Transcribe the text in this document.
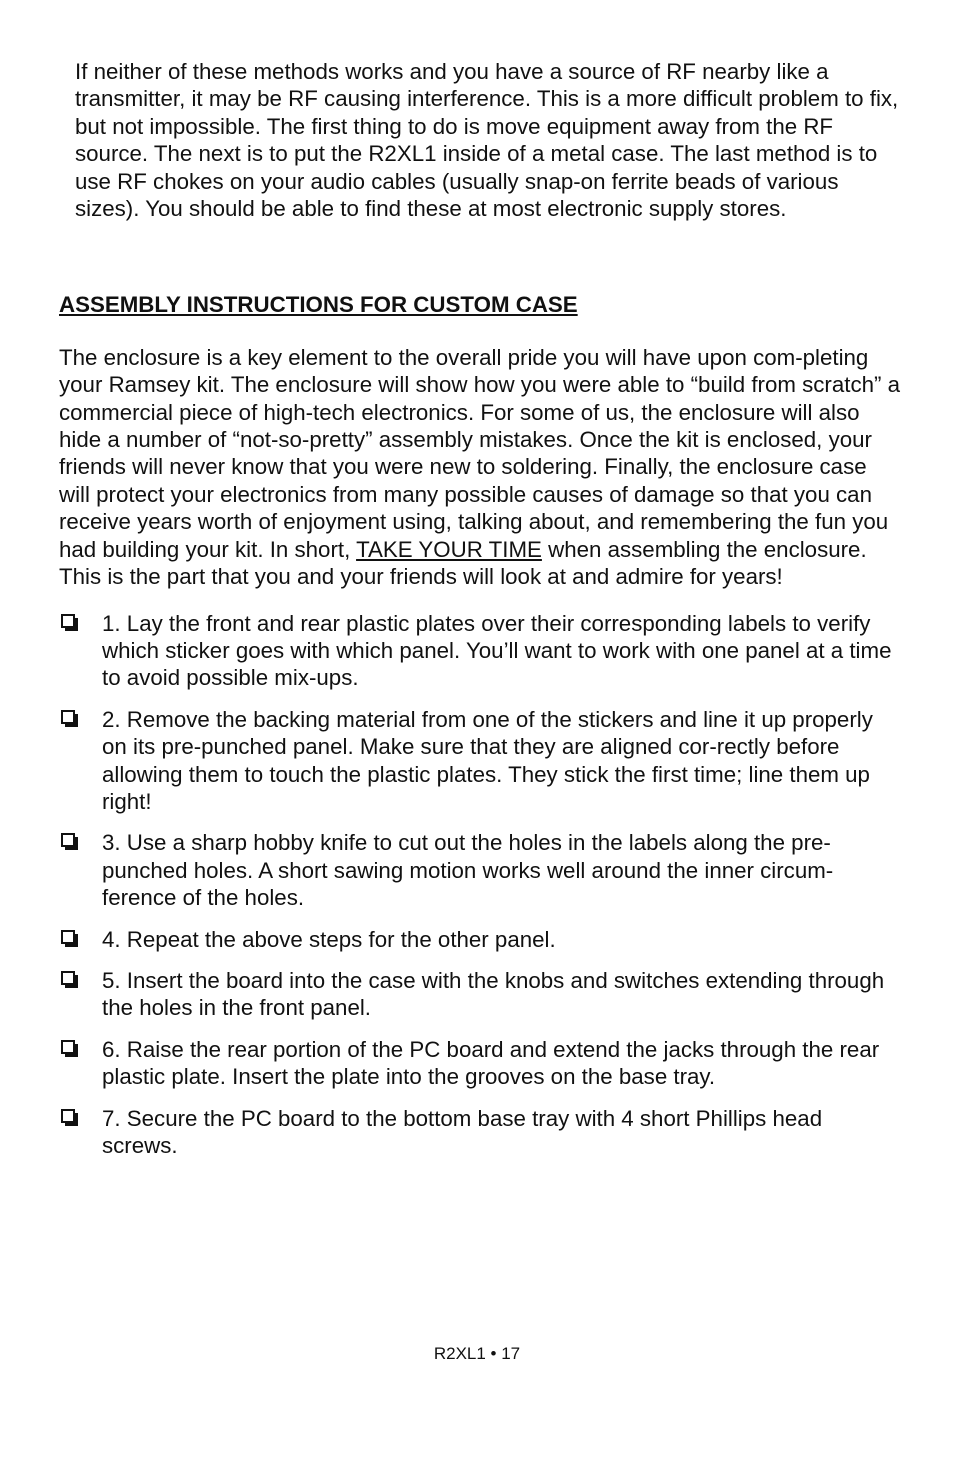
If neither of these methods works and you have a source of RF nearby like a transmitter, it may be RF causing interference. This is a more difficult problem to fix, but not impossible. The first thing to do is move equipment away from the RF source. The next is to put the R2XL1 inside of a metal case. The last method is to use RF chokes on your audio cables (usually snap-on ferrite beads of various sizes). You should be able to find these at most electronic supply stores.

ASSEMBLY INSTRUCTIONS FOR CUSTOM CASE

The enclosure is a key element to the overall pride you will have upon com-pleting your Ramsey kit. The enclosure will show how you were able to “build from scratch” a commercial piece of high-tech electronics. For some of us, the enclosure will also hide a number of “not-so-pretty” assembly mistakes. Once the kit is enclosed, your friends will never know that you were new to soldering. Finally, the enclosure case will protect your electronics from many possible causes of damage so that you can receive years worth of enjoyment using, talking about, and remembering the fun you had building your kit. In short, TAKE YOUR TIME when assembling the enclosure. This is the part that you and your friends will look at and admire for years!

1. Lay the front and rear plastic plates over their corresponding labels to verify which sticker goes with which panel. You’ll want to work with one panel at a time to avoid possible mix-ups.
2. Remove the backing material from one of the stickers and line it up properly on its pre-punched panel. Make sure that they are aligned cor-rectly before allowing them to touch the plastic plates. They stick the first time; line them up right!
3. Use a sharp hobby knife to cut out the holes in the labels along the pre-punched holes. A short sawing motion works well around the inner circum-ference of the holes.
4. Repeat the above steps for the other panel.
5. Insert the board into the case with the knobs and switches extending through the holes in the front panel.
6. Raise the rear portion of the PC board and extend the jacks through the rear plastic plate. Insert the plate into the grooves on the base tray.
7. Secure the PC board to the bottom base tray with 4 short Phillips head screws.
R2XL1 • 17
